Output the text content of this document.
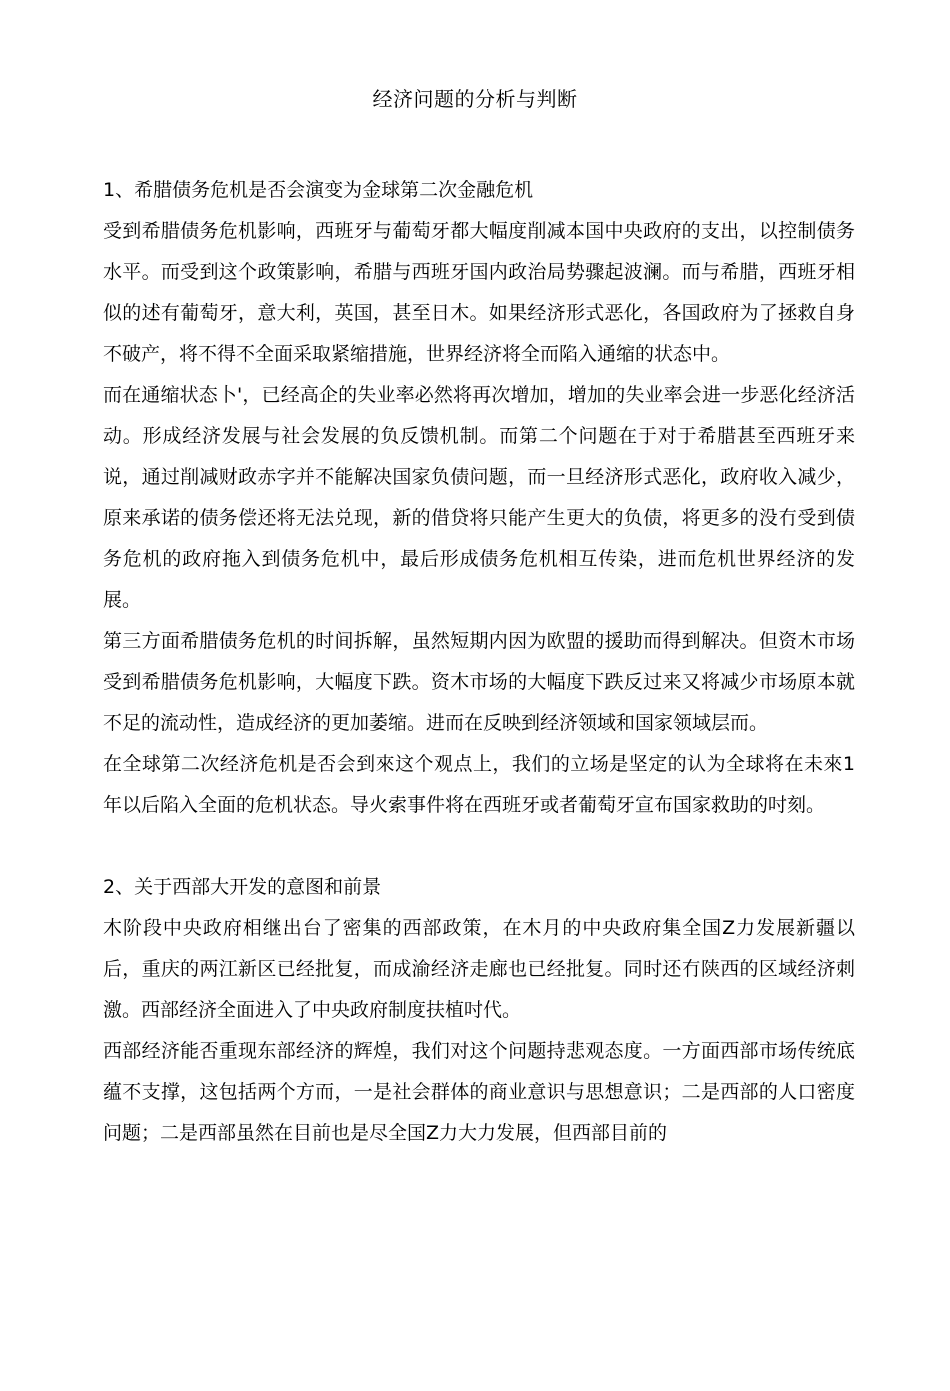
经济问题的分析与判断

1、希腊债务危机是否会演变为金球第二次金融危机

受到希腊债务危机影响，西班牙与葡萄牙都大幅度削减本国中央政府的支出，以控制债务水平。而受到这个政策影响，希腊与西班牙国内政治局势骤起波澜。而与希腊，西班牙相似的述有葡萄牙，意大利，英国，甚至日木。如果经济形式恶化，各国政府为了拯救自身不破产，将不得不全面采取紧缩措施，世界经济将全而陷入通缩的状态中。

而在通缩状态卜'，已经高企的失业率必然将再次增加，增加的失业率会进一步恶化经济活动。形成经济发展与社会发展的负反馈机制。而第二个问题在于对于希腊甚至西班牙来说，通过削减财政赤字并不能解决国家负债问题，而一旦经济形式恶化，政府收入减少，原来承诺的债务偿还将无法兑现，新的借贷将只能产生更大的负债，将更多的没冇受到债务危机的政府拖入到债务危机中，最后形成债务危机相互传染，进而危机世界经济的发展。

第三方面希腊债务危机的时间拆解，虽然短期内因为欧盟的援助而得到解决。但资木市场受到希腊债务危机影响，大幅度下跌。资木市场的大幅度下跌反过来又将减少市场原本就不足的流动性，造成经济的更加萎缩。进而在反映到经济领域和国家领域层而。

在全球第二次经济危机是否会到來这个观点上，我们的立场是坚定的认为全球将在未來1年以后陷入全面的危机状态。导火索事件将在西班牙或者葡萄牙宣布国家救助的吋刻。

2、关于西部大开发的意图和前景

木阶段中央政府相继出台了密集的西部政策，在木月的中央政府集全国Z力发展新疆以后，重庆的两江新区已经批复，而成渝经济走廊也已经批复。同时还冇陕西的区域经济刺激。西部经济全面进入了中央政府制度扶植吋代。

西部经济能否重现东部经济的辉煌，我们对这个问题持悲观态度。一方面西部市场传统底蕴不支撑，这包括两个方而，一是社会群体的商业意识与思想意识；二是西部的人口密度问题；二是西部虽然在目前也是尽全国Z力大力发展，但西部目前的
